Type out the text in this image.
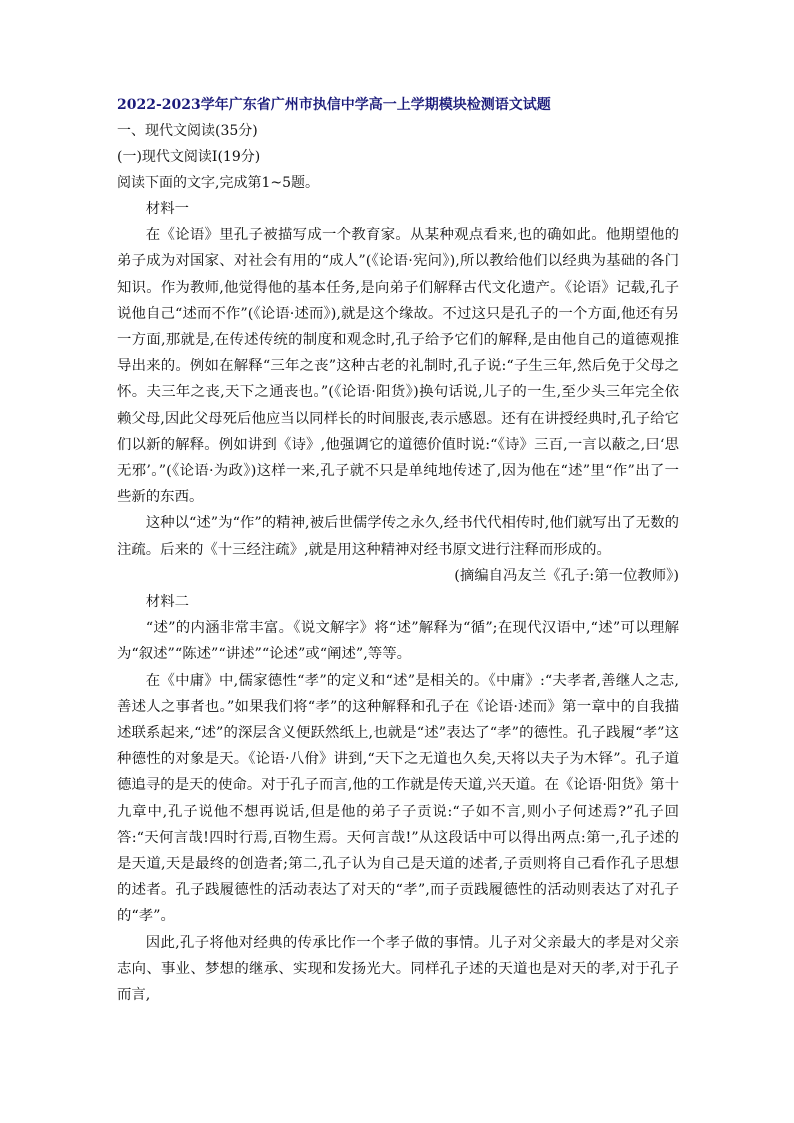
2022-2023学年广东省广州市执信中学高一上学期模块检测语文试题

一、现代文阅读(35分)

(一)现代文阅读Ⅰ(19分)

阅读下面的文字,完成第1~5题。

材料一

在《论语》里孔子被描写成一个教育家。从某种观点看来,也的确如此。他期望他的弟子成为对国家、对社会有用的“成人”(《论语·宪问》),所以教给他们以经典为基础的各门知识。作为教师,他觉得他的基本任务,是向弟子们解释古代文化遗产。《论语》记载,孔子说他自己“述而不作”(《论语·述而》),就是这个缘故。不过这只是孔子的一个方面,他还有另一方面,那就是,在传述传统的制度和观念时,孔子给予它们的解释,是由他自己的道德观推导出来的。例如在解释“三年之丧”这种古老的礼制时,孔子说:“子生三年,然后免于父母之怀。夫三年之丧,天下之通丧也。”(《论语·阳货》)换句话说,儿子的一生,至少头三年完全依赖父母,因此父母死后他应当以同样长的时间服丧,表示感恩。还有在讲授经典时,孔子给它们以新的解释。例如讲到《诗》,他强调它的道德价值时说:“《诗》三百,一言以蔽之,曰‘思无邪’。”(《论语·为政》)这样一来,孔子就不只是单纯地传述了,因为他在“述”里“作”出了一些新的东西。

这种以“述”为“作”的精神,被后世儒学传之永久,经书代代相传时,他们就写出了无数的注疏。后来的《十三经注疏》,就是用这种精神对经书原文进行注释而形成的。

(摘编自冯友兰《孔子:第一位教师》)

材料二

“述”的内涵非常丰富。《说文解字》将“述”解释为“循”;在现代汉语中,“述”可以理解为“叙述”“陈述”“讲述”“论述”或“阐述”,等等。

在《中庸》中,儒家德性“孝”的定义和“述”是相关的。《中庸》:“夫孝者,善继人之志,善述人之事者也。”如果我们将“孝”的这种解释和孔子在《论语·述而》第一章中的自我描述联系起来,“述”的深层含义便跃然纸上,也就是“述”表达了“孝”的德性。孔子践履“孝”这种德性的对象是天。《论语·八佾》讲到,“天下之无道也久矣,天将以夫子为木铎”。孔子道德追寻的是天的使命。对于孔子而言,他的工作就是传天道,兴天道。在《论语·阳货》第十九章中,孔子说他不想再说话,但是他的弟子子贡说:“子如不言,则小子何述焉?”孔子回答:“天何言哉!四时行焉,百物生焉。天何言哉!”从这段话中可以得出两点:第一,孔子述的是天道,天是最终的创造者;第二,孔子认为自己是天道的述者,子贡则将自己看作孔子思想的述者。孔子践履德性的活动表达了对天的“孝”,而子贡践履德性的活动则表达了对孔子的“孝”。

因此,孔子将他对经典的传承比作一个孝子做的事情。儿子对父亲最大的孝是对父亲志向、事业、梦想的继承、实现和发扬光大。同样孔子述的天道也是对天的孝,对于孔子而言,
